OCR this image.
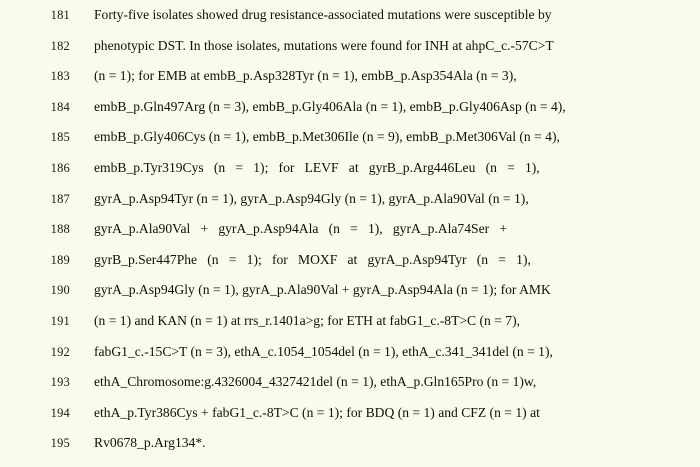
181	Forty-five isolates showed drug resistance-associated mutations were susceptible by
182	phenotypic DST. In those isolates, mutations were found for INH at ahpC_c.-57C>T
183	(n = 1); for EMB at embB_p.Asp328Tyr (n = 1), embB_p.Asp354Ala (n = 3),
184	embB_p.Gln497Arg (n = 3), embB_p.Gly406Ala (n = 1), embB_p.Gly406Asp (n = 4),
185	embB_p.Gly406Cys (n = 1), embB_p.Met306Ile (n = 9), embB_p.Met306Val (n = 4),
186	embB_p.Tyr319Cys   (n   =   1);   for   LEVF   at   gyrB_p.Arg446Leu   (n   =   1),
187	gyrA_p.Asp94Tyr (n = 1), gyrA_p.Asp94Gly (n = 1), gyrA_p.Ala90Val (n = 1),
188	gyrA_p.Ala90Val   +   gyrA_p.Asp94Ala   (n   =   1),   gyrA_p.Ala74Ser   +
189	gyrB_p.Ser447Phe   (n   =   1);   for   MOXF   at   gyrA_p.Asp94Tyr   (n   =   1),
190	gyrA_p.Asp94Gly (n = 1), gyrA_p.Ala90Val + gyrA_p.Asp94Ala (n = 1); for AMK
191	(n = 1) and KAN (n = 1) at rrs_r.1401a>g; for ETH at fabG1_c.-8T>C (n = 7),
192	fabG1_c.-15C>T (n = 3), ethA_c.1054_1054del (n = 1), ethA_c.341_341del (n = 1),
193	ethA_Chromosome:g.4326004_4327421del (n = 1), ethA_p.Gln165Pro (n = 1)w,
194	ethA_p.Tyr386Cys + fabG1_c.-8T>C (n = 1); for BDQ (n = 1) and CFZ (n = 1) at
195	Rv0678_p.Arg134*.
